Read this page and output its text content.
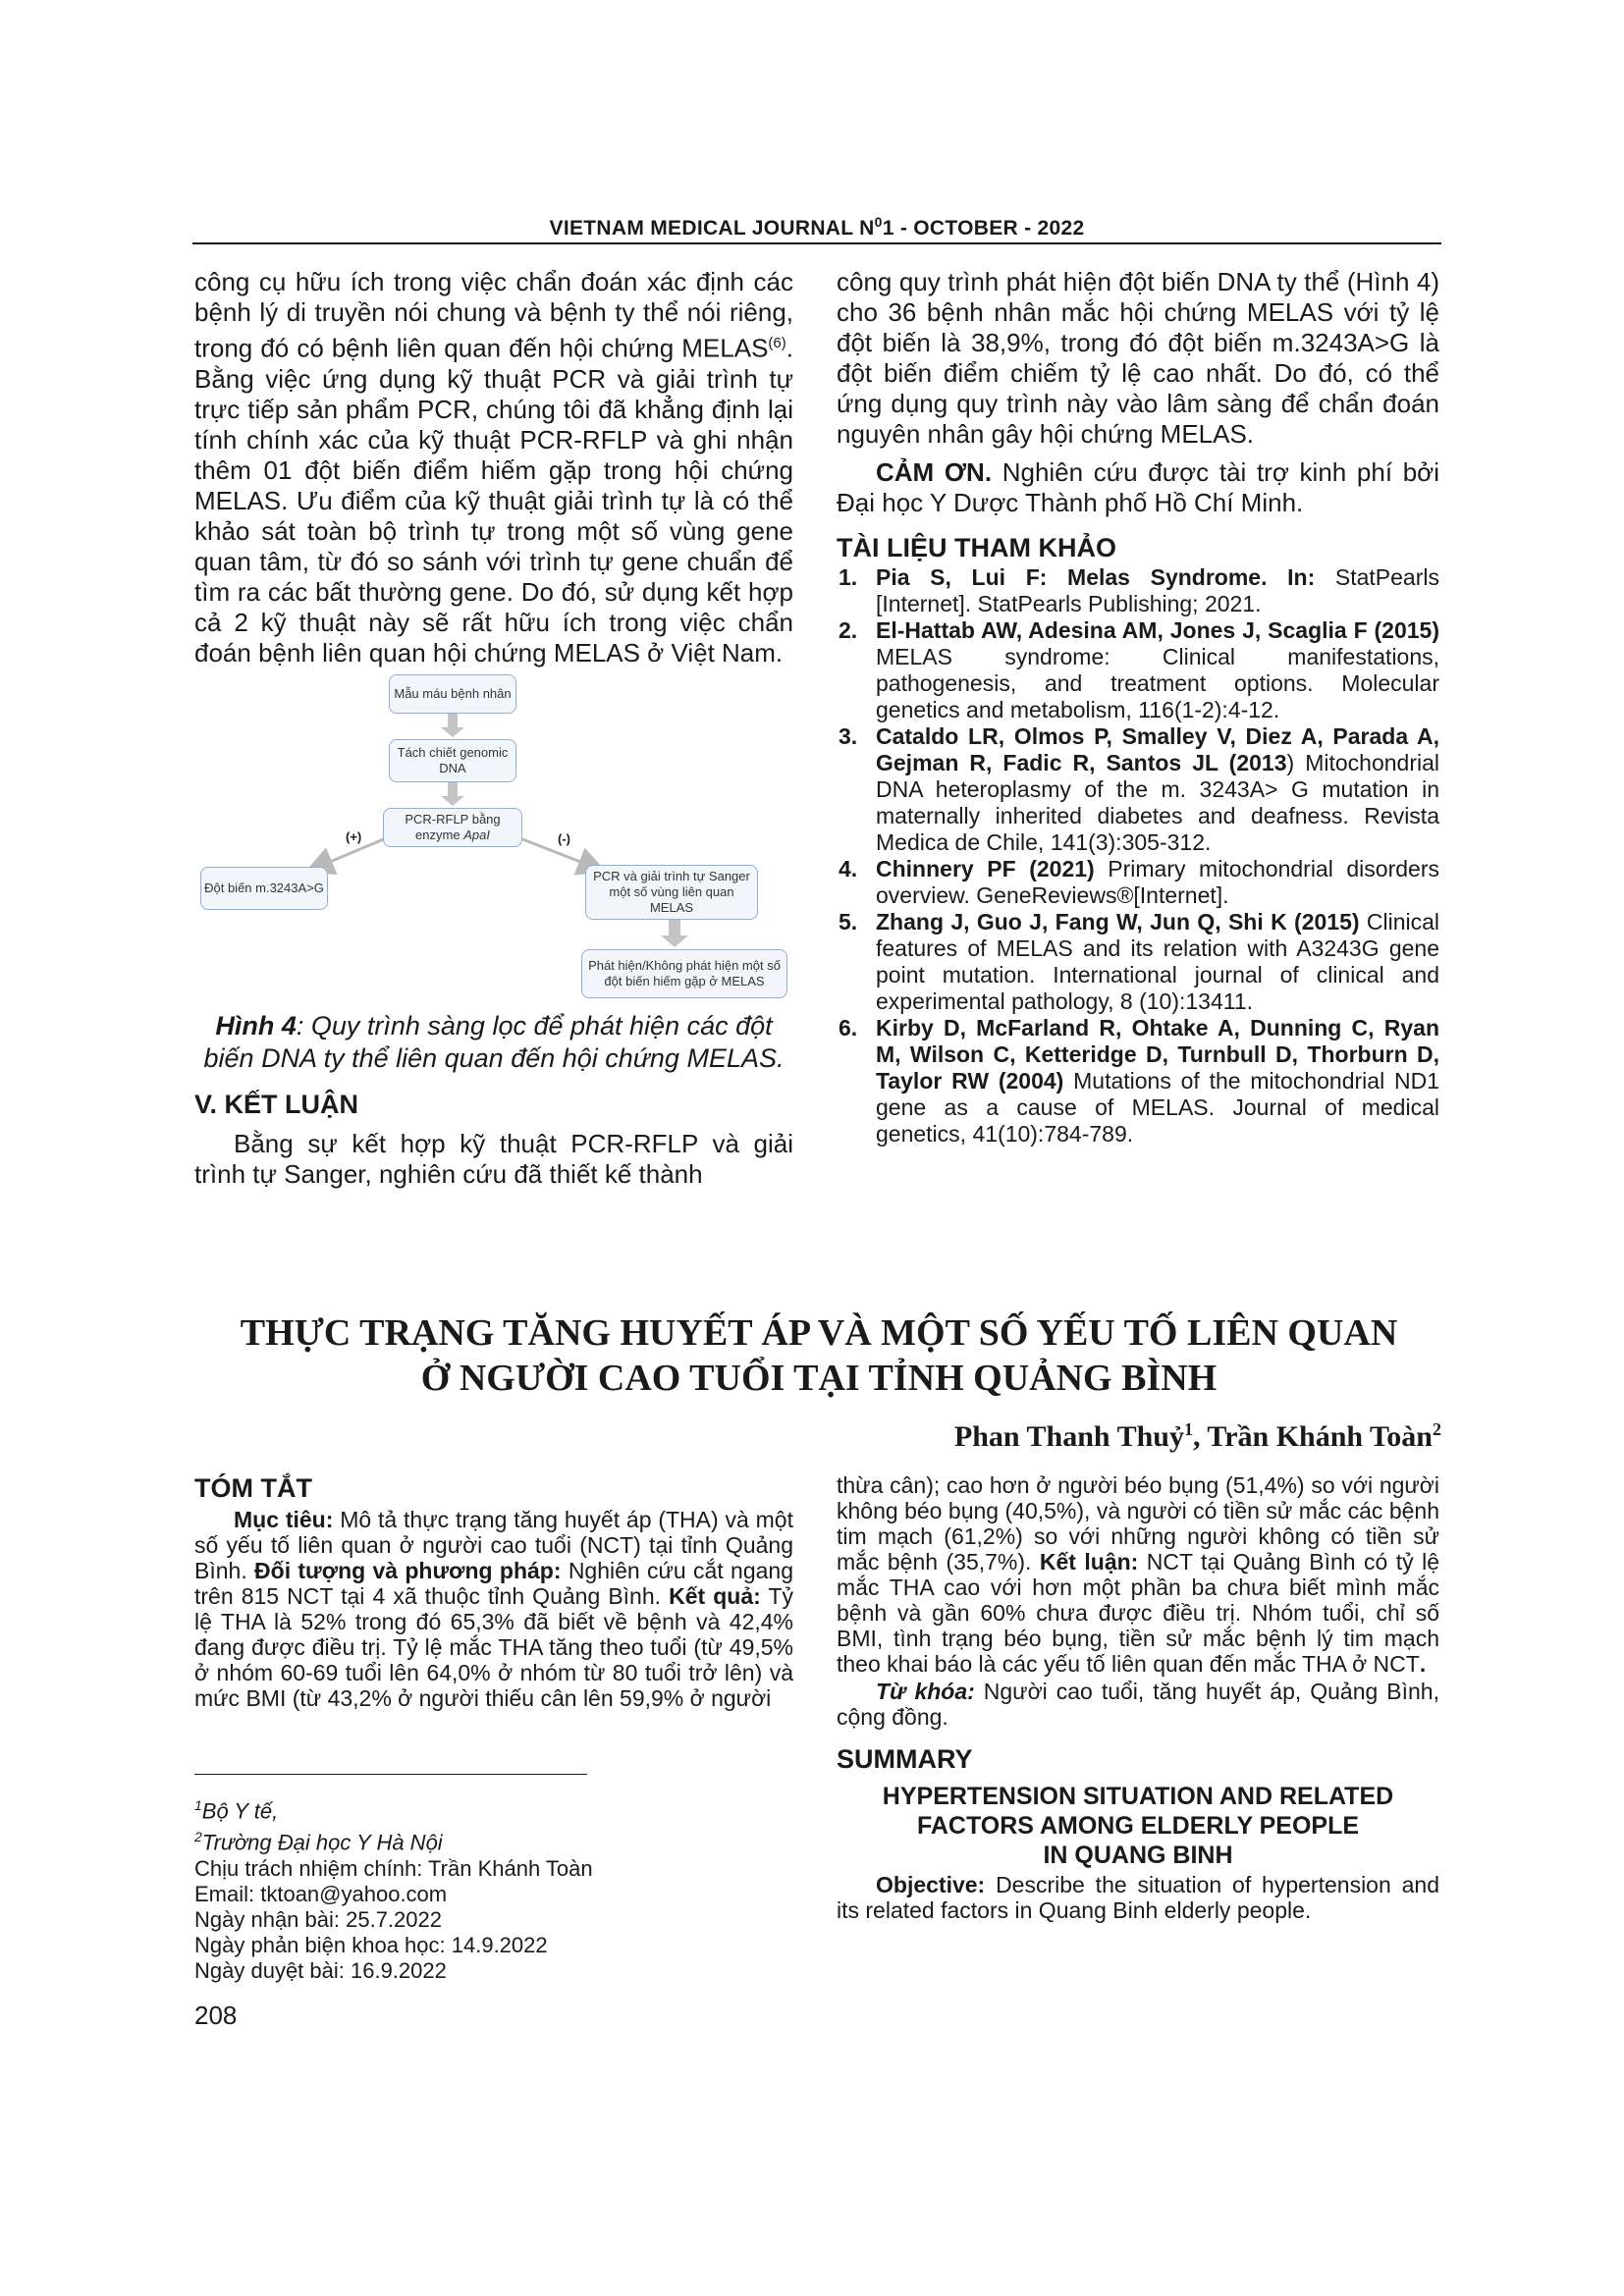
VIETNAM MEDICAL JOURNAL $N^01$ - OCTOBER - 2022

công cụ hữu ích trong việc chẩn đoán xác định các bệnh lý di truyền nói chung và bệnh ty thể nói riêng, trong đó có bệnh liên quan đến hội chứng MELAS$^{(6)}$. Bằng việc ứng dụng kỹ thuật PCR và giải trình tự trực tiếp sản phẩm PCR, chúng tôi đã khẳng định lại tính chính xác của kỹ thuật PCR-RFLP và ghi nhận thêm 01 đột biến điểm hiếm gặp trong hội chứng MELAS. Ưu điểm của kỹ thuật giải trình tự là có thể khảo sát toàn bộ trình tự trong một số vùng gene quan tâm, từ đó so sánh với trình tự gene chuẩn để tìm ra các bất thường gene. Do đó, sử dụng kết hợp cả 2 kỹ thuật này sẽ rất hữu ích trong việc chẩn đoán bệnh liên quan hội chứng MELAS ở Việt Nam.

Mẫu máu bệnh nhân
Tách chiết genomic DNA
PCR-RFLP bằng enzyme ApaI
(+)	(-)
Đột biến m.3243A>G
PCR và giải trình tự Sanger một số vùng liên quan MELAS
Phát hiện/Không phát hiện một số đột biến hiếm gặp ở MELAS
Hình 4: Quy trình sàng lọc để phát hiện các đột biến DNA ty thể liên quan đến hội chứng MELAS.
V. KẾT LUẬN

Bằng sự kết hợp kỹ thuật PCR-RFLP và giải trình tự Sanger, nghiên cứu đã thiết kế thành

công quy trình phát hiện đột biến DNA ty thể (Hình 4) cho 36 bệnh nhân mắc hội chứng MELAS với tỷ lệ đột biến là 38,9%, trong đó đột biến m.3243A>G là đột biến điểm chiếm tỷ lệ cao nhất. Do đó, có thể ứng dụng quy trình này vào lâm sàng để chẩn đoán nguyên nhân gây hội chứng MELAS.

CẢM ƠN. Nghiên cứu được tài trợ kinh phí bởi Đại học Y Dược Thành phố Hồ Chí Minh.

TÀI LIỆU THAM KHẢO
1. Pia S, Lui F: Melas Syndrome. In: StatPearls [Internet]. StatPearls Publishing; 2021.
2. El-Hattab AW, Adesina AM, Jones J, Scaglia F (2015) MELAS syndrome: Clinical manifestations, pathogenesis, and treatment options. Molecular genetics and metabolism, 116(1-2):4-12.
3. Cataldo LR, Olmos P, Smalley V, Diez A, Parada A, Gejman R, Fadic R, Santos JL (2013) Mitochondrial DNA heteroplasmy of the m. 3243A> G mutation in maternally inherited diabetes and deafness. Revista Medica de Chile, 141(3):305-312.
4. Chinnery PF (2021) Primary mitochondrial disorders overview. GeneReviews®[Internet].
5. Zhang J, Guo J, Fang W, Jun Q, Shi K (2015) Clinical features of MELAS and its relation with A3243G gene point mutation. International journal of clinical and experimental pathology, 8 (10):13411.
6. Kirby D, McFarland R, Ohtake A, Dunning C, Ryan M, Wilson C, Ketteridge D, Turnbull D, Thorburn D, Taylor RW (2004) Mutations of the mitochondrial ND1 gene as a cause of MELAS. Journal of medical genetics, 41(10):784-789.
THỰC TRẠNG TĂNG HUYẾT ÁP VÀ MỘT SỐ YẾU TỐ LIÊN QUAN
Ở NGƯỜI CAO TUỔI TẠI TỈNH QUẢNG BÌNH
Phan Thanh Thuỷ$^1$, Trần Khánh Toàn$^2$
TÓM TẮT

Mục tiêu: Mô tả thực trạng tăng huyết áp (THA) và một số yếu tố liên quan ở người cao tuổi (NCT) tại tỉnh Quảng Bình. Đối tượng và phương pháp: Nghiên cứu cắt ngang trên 815 NCT tại 4 xã thuộc tỉnh Quảng Bình. Kết quả: Tỷ lệ THA là 52% trong đó 65,3% đã biết về bệnh và 42,4% đang được điều trị. Tỷ lệ mắc THA tăng theo tuổi (từ 49,5% ở nhóm 60-69 tuổi lên 64,0% ở nhóm từ 80 tuổi trở lên) và mức BMI (từ 43,2% ở người thiếu cân lên 59,9% ở người

$^1$Bộ Y tế,
$^2$Trường Đại học Y Hà Nội
Chịu trách nhiệm chính: Trần Khánh Toàn
Email: tktoan@yahoo.com
Ngày nhận bài: 25.7.2022
Ngày phản biện khoa học: 14.9.2022
Ngày duyệt bài: 16.9.2022
208

thừa cân); cao hơn ở người béo bụng (51,4%) so với người không béo bụng (40,5%), và người có tiền sử mắc các bệnh tim mạch (61,2%) so với những người không có tiền sử mắc bệnh (35,7%). Kết luận: NCT tại Quảng Bình có tỷ lệ mắc THA cao với hơn một phần ba chưa biết mình mắc bệnh và gần 60% chưa được điều trị. Nhóm tuổi, chỉ số BMI, tình trạng béo bụng, tiền sử mắc bệnh lý tim mạch theo khai báo là các yếu tố liên quan đến mắc THA ở NCT.

Từ khóa: Người cao tuổi, tăng huyết áp, Quảng Bình, cộng đồng.

SUMMARY
HYPERTENSION SITUATION AND RELATED
FACTORS AMONG ELDERLY PEOPLE
IN QUANG BINH

Objective: Describe the situation of hypertension and its related factors in Quang Binh elderly people.
